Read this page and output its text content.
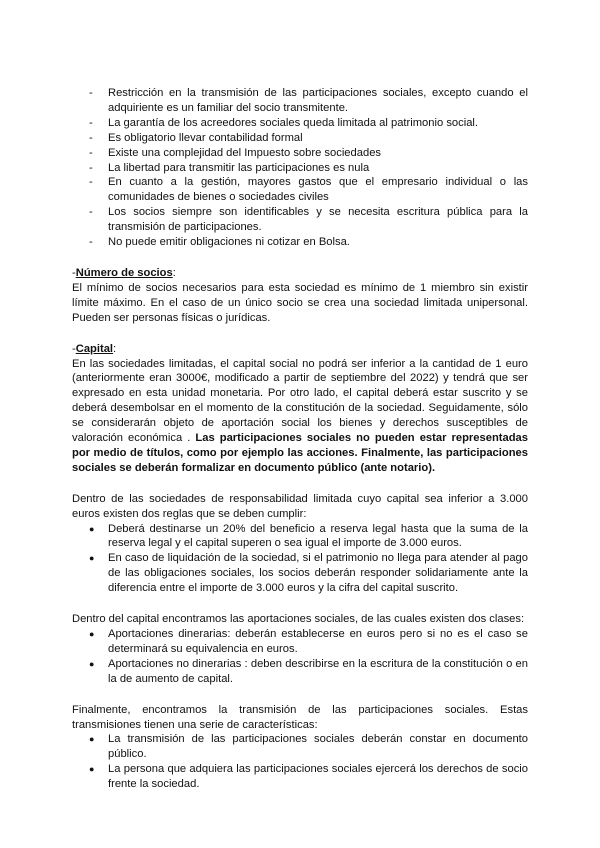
- Restricción en la transmisión de las participaciones sociales, excepto cuando el adquiriente es un familiar del socio transmitente.
- La garantía de los acreedores sociales queda limitada al patrimonio social.
- Es obligatorio llevar contabilidad formal
- Existe una complejidad del Impuesto sobre sociedades
- La libertad para transmitir las participaciones es nula
- En cuanto a la gestión, mayores gastos que el empresario individual o las comunidades de bienes o sociedades civiles
- Los socios siempre son identificables y se necesita escritura pública para la transmisión de participaciones.
- No puede emitir obligaciones ni cotizar en Bolsa.

-Número de socios:

El mínimo de socios necesarios para esta sociedad es mínimo de 1 miembro sin existir límite máximo. En el caso de un único socio se crea una sociedad limitada unipersonal. Pueden ser personas físicas o jurídicas.

-Capital:

En las sociedades limitadas, el capital social no podrá ser inferior a la cantidad de 1 euro (anteriormente eran 3000€, modificado a partir de septiembre del 2022) y tendrá que ser expresado en esta unidad monetaria. Por otro lado, el capital deberá estar suscrito y se deberá desembolsar en el momento de la constitución de la sociedad. Seguidamente, sólo se considerarán objeto de aportación social los bienes y derechos susceptibles de valoración económica . Las participaciones sociales no pueden estar representadas por medio de títulos, como por ejemplo las acciones. Finalmente, las participaciones sociales se deberán formalizar en documento público (ante notario).

Dentro de las sociedades de responsabilidad limitada cuyo capital sea inferior a 3.000 euros existen dos reglas que se deben cumplir:

● Deberá destinarse un 20% del beneficio a reserva legal hasta que la suma de la reserva legal y el capital superen o sea igual el importe de 3.000 euros.
● En caso de liquidación de la sociedad, si el patrimonio no llega para atender al pago de las obligaciones sociales, los socios deberán responder solidariamente ante la diferencia entre el importe de 3.000 euros y la cifra del capital suscrito.

Dentro del capital encontramos las aportaciones sociales, de las cuales existen dos clases:

● Aportaciones dinerarias: deberán establecerse en euros pero si no es el caso se determinará su equivalencia en euros.
● Aportaciones no dinerarias : deben describirse en la escritura de la constitución o en la de aumento de capital.

Finalmente, encontramos la transmisión de las participaciones sociales. Estas transmisiones tienen una serie de características:

● La transmisión de las participaciones sociales deberán constar en documento público.
● La persona que adquiera las participaciones sociales ejercerá los derechos de socio frente la sociedad.
